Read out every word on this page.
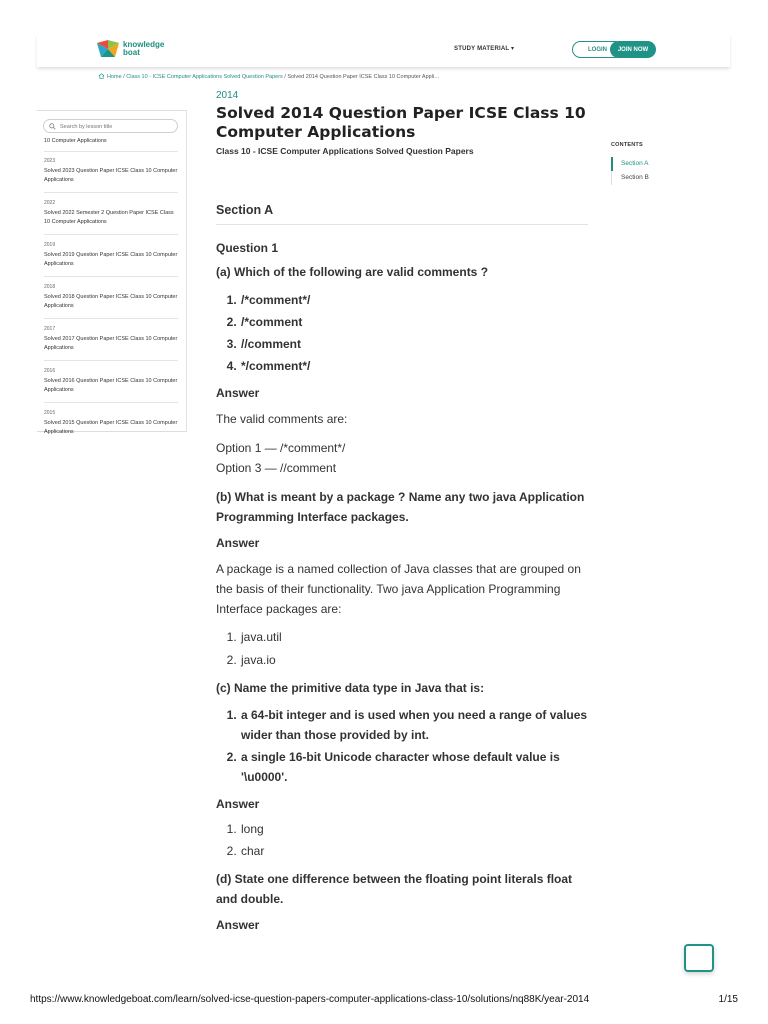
knowledge
boat	STUDY MATERIAL ▾	LOGIN	JOIN NOW
Home / Class 10 - ICSE Computer Applications Solved Question Papers / Solved 2014 Question Paper ICSE Class 10 Computer Appli…
Search by lesson title
10 Computer Applications
2023
Solved 2023 Question Paper ICSE Class 10 Computer Applications
2022
Solved 2022 Semester 2 Question Paper ICSE Class 10 Computer Applications
2019
Solved 2019 Question Paper ICSE Class 10 Computer Applications
2018
Solved 2018 Question Paper ICSE Class 10 Computer Applications
2017
Solved 2017 Question Paper ICSE Class 10 Computer Applications
2016
Solved 2016 Question Paper ICSE Class 10 Computer Applications
2015
Solved 2015 Question Paper ICSE Class 10 Computer Applications
2014
Solved 2014 Question Paper ICSE Class 10 Computer Applications
Class 10 - ICSE Computer Applications Solved Question Papers
Section A
Question 1
(a) Which of the following are valid comments ?
1. /*comment*/
2. /*comment
3. //comment
4. */comment*/
Answer
The valid comments are:
Option 1 — /*comment*/
Option 3 — //comment
(b) What is meant by a package ? Name any two java Application Programming Interface packages.
Answer
A package is a named collection of Java classes that are grouped on the basis of their functionality. Two java Application Programming Interface packages are:
1. java.util
2. java.io
(c) Name the primitive data type in Java that is:
1. a 64-bit integer and is used when you need a range of values wider than those provided by int.
2. a single 16-bit Unicode character whose default value is '\u0000'.
Answer
1. long
2. char
(d) State one difference between the floating point literals float and double.
Answer
CONTENTS
Section A
Section B
https://www.knowledgeboat.com/learn/solved-icse-question-papers-computer-applications-class-10/solutions/nq88K/year-2014	1/15
